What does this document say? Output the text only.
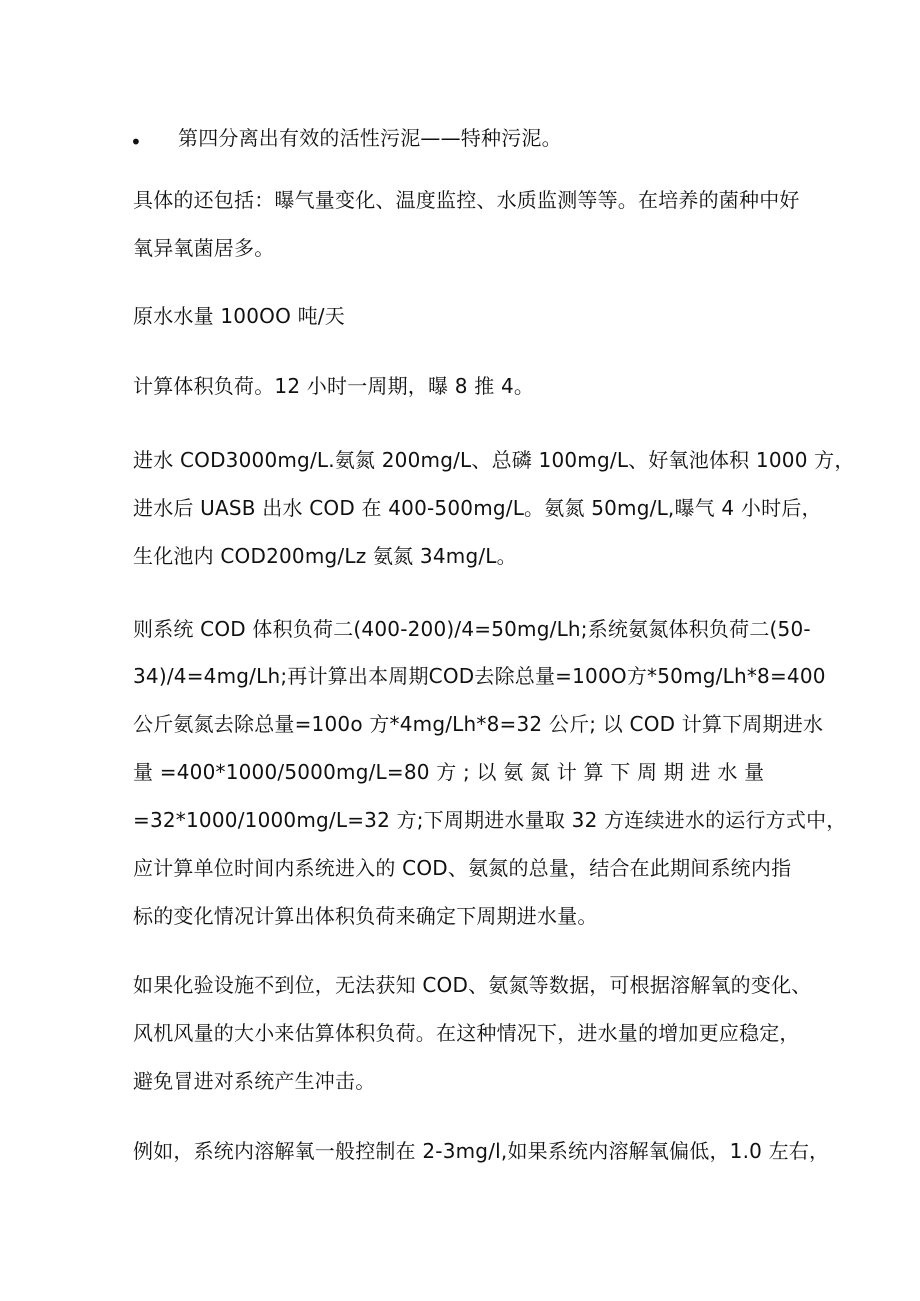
• 第四分离出有效的活性污泥——特种污泥。
具体的还包括：曝气量变化、温度监控、水质监测等等。在培养的菌种中好
氧异氧菌居多。
原水水量 100OO 吨/天
计算体积负荷。12 小时一周期，曝 8 推 4。
进水 COD3000mg/L.氨氮 200mg/L、总磷 100mg/L、好氧池体积 1000 方，
进水后 UASB 出水 COD 在 400-500mg/L。氨氮 50mg/L,曝气 4 小时后，
生化池内 COD200mg/Lz 氨氮 34mg/L。
则系统 COD 体积负荷二(400-200)/4=50mg/Lh;系统氨氮体积负荷二(50-
34)/4=4mg/Lh;再计算出本周期COD去除总量=100O方*50mg/Lh*8=400
公斤氨氮去除总量=100o 方*4mg/Lh*8=32 公斤; 以 COD 计算下周期进水
量 =400*1000/5000mg/L=80 方 ; 以 氨 氮 计 算 下 周 期 进 水 量
=32*1000/1000mg/L=32 方;下周期进水量取 32 方连续进水的运行方式中，
应计算单位时间内系统进入的 COD、氨氮的总量，结合在此期间系统内指
标的变化情况计算出体积负荷来确定下周期进水量。
如果化验设施不到位，无法获知 COD、氨氮等数据，可根据溶解氧的变化、
风机风量的大小来估算体积负荷。在这种情况下，进水量的增加更应稳定，
避免冒进对系统产生冲击。
例如，系统内溶解氧一般控制在 2-3mg/l,如果系统内溶解氧偏低，1.0 左右，
